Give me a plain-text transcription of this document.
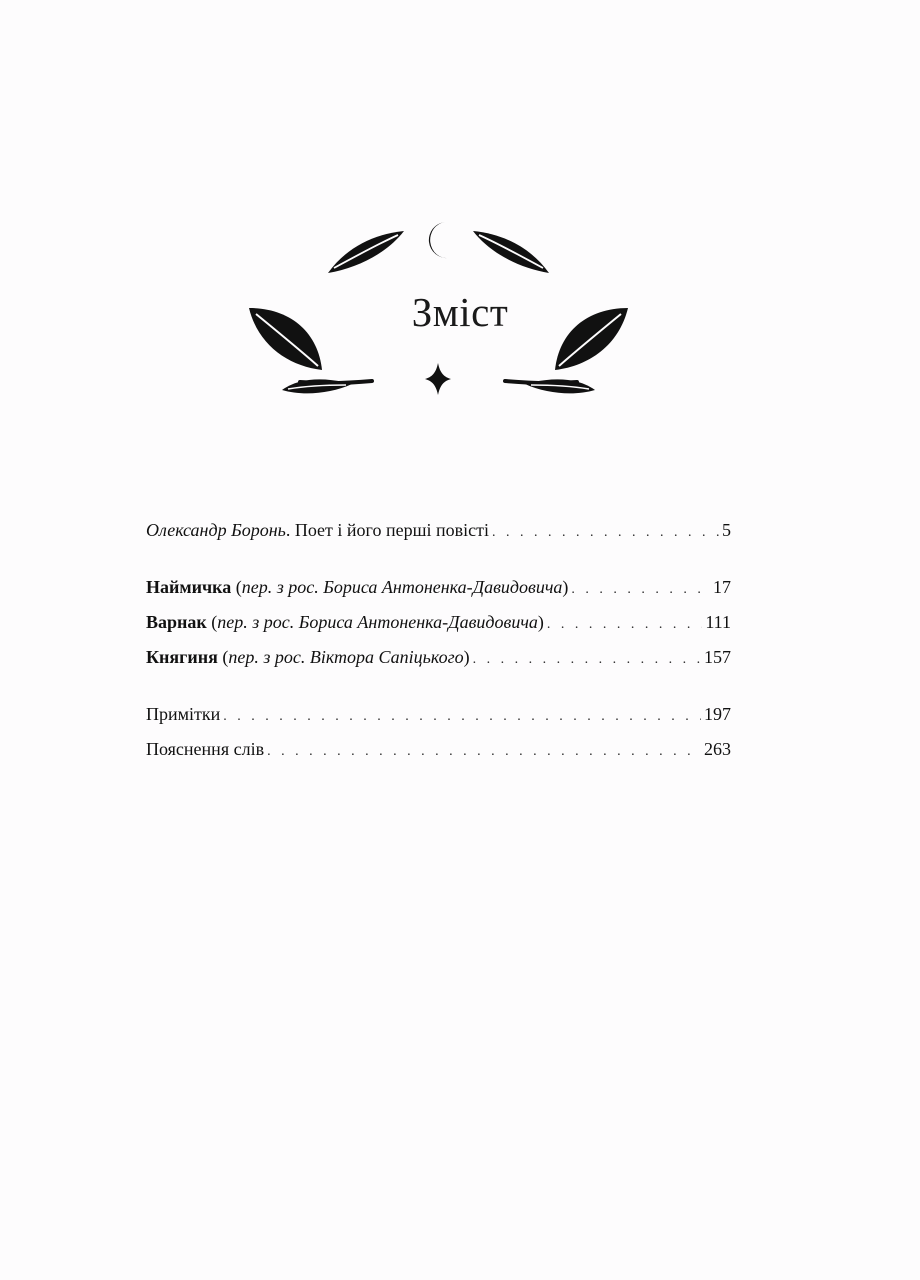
Зміст
Олександр Боронь. Поет і його перші повісті . . .	5
Наймичка (пер. з рос. Бориса Антоненка-Давидовича) . . .	17
Варнак (пер. з рос. Бориса Антоненка-Давидовича) . . .	111
Княгиня (пер. з рос. Віктора Сапіцького) . . .	157
Примітки . . .	197
Пояснення слів . . .	263
